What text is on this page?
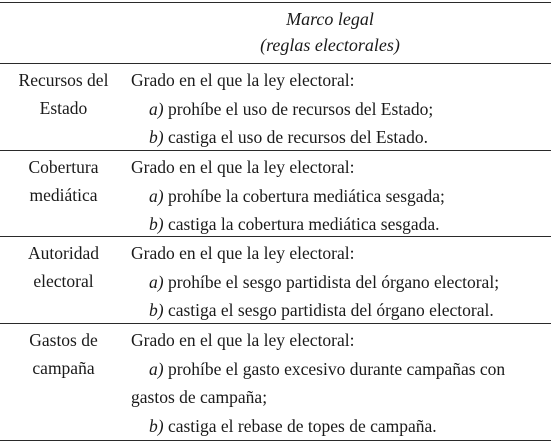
Marco legal
(reglas electorales)
Recursos del
Estado
Grado en el que la ley electoral:
a) prohíbe el uso de recursos del Estado;
b) castiga el uso de recursos del Estado.
Cobertura
mediática
Grado en el que la ley electoral:
a) prohíbe la cobertura mediática sesgada;
b) castiga la cobertura mediática sesgada.
Autoridad
electoral
Grado en el que la ley electoral:
a) prohíbe el sesgo partidista del órgano electoral;
b) castiga el sesgo partidista del órgano electoral.
Gastos de
campaña
Grado en el que la ley electoral:
a) prohíbe el gasto excesivo durante campañas con gastos de campaña;
b) castiga el rebase de topes de campaña.
